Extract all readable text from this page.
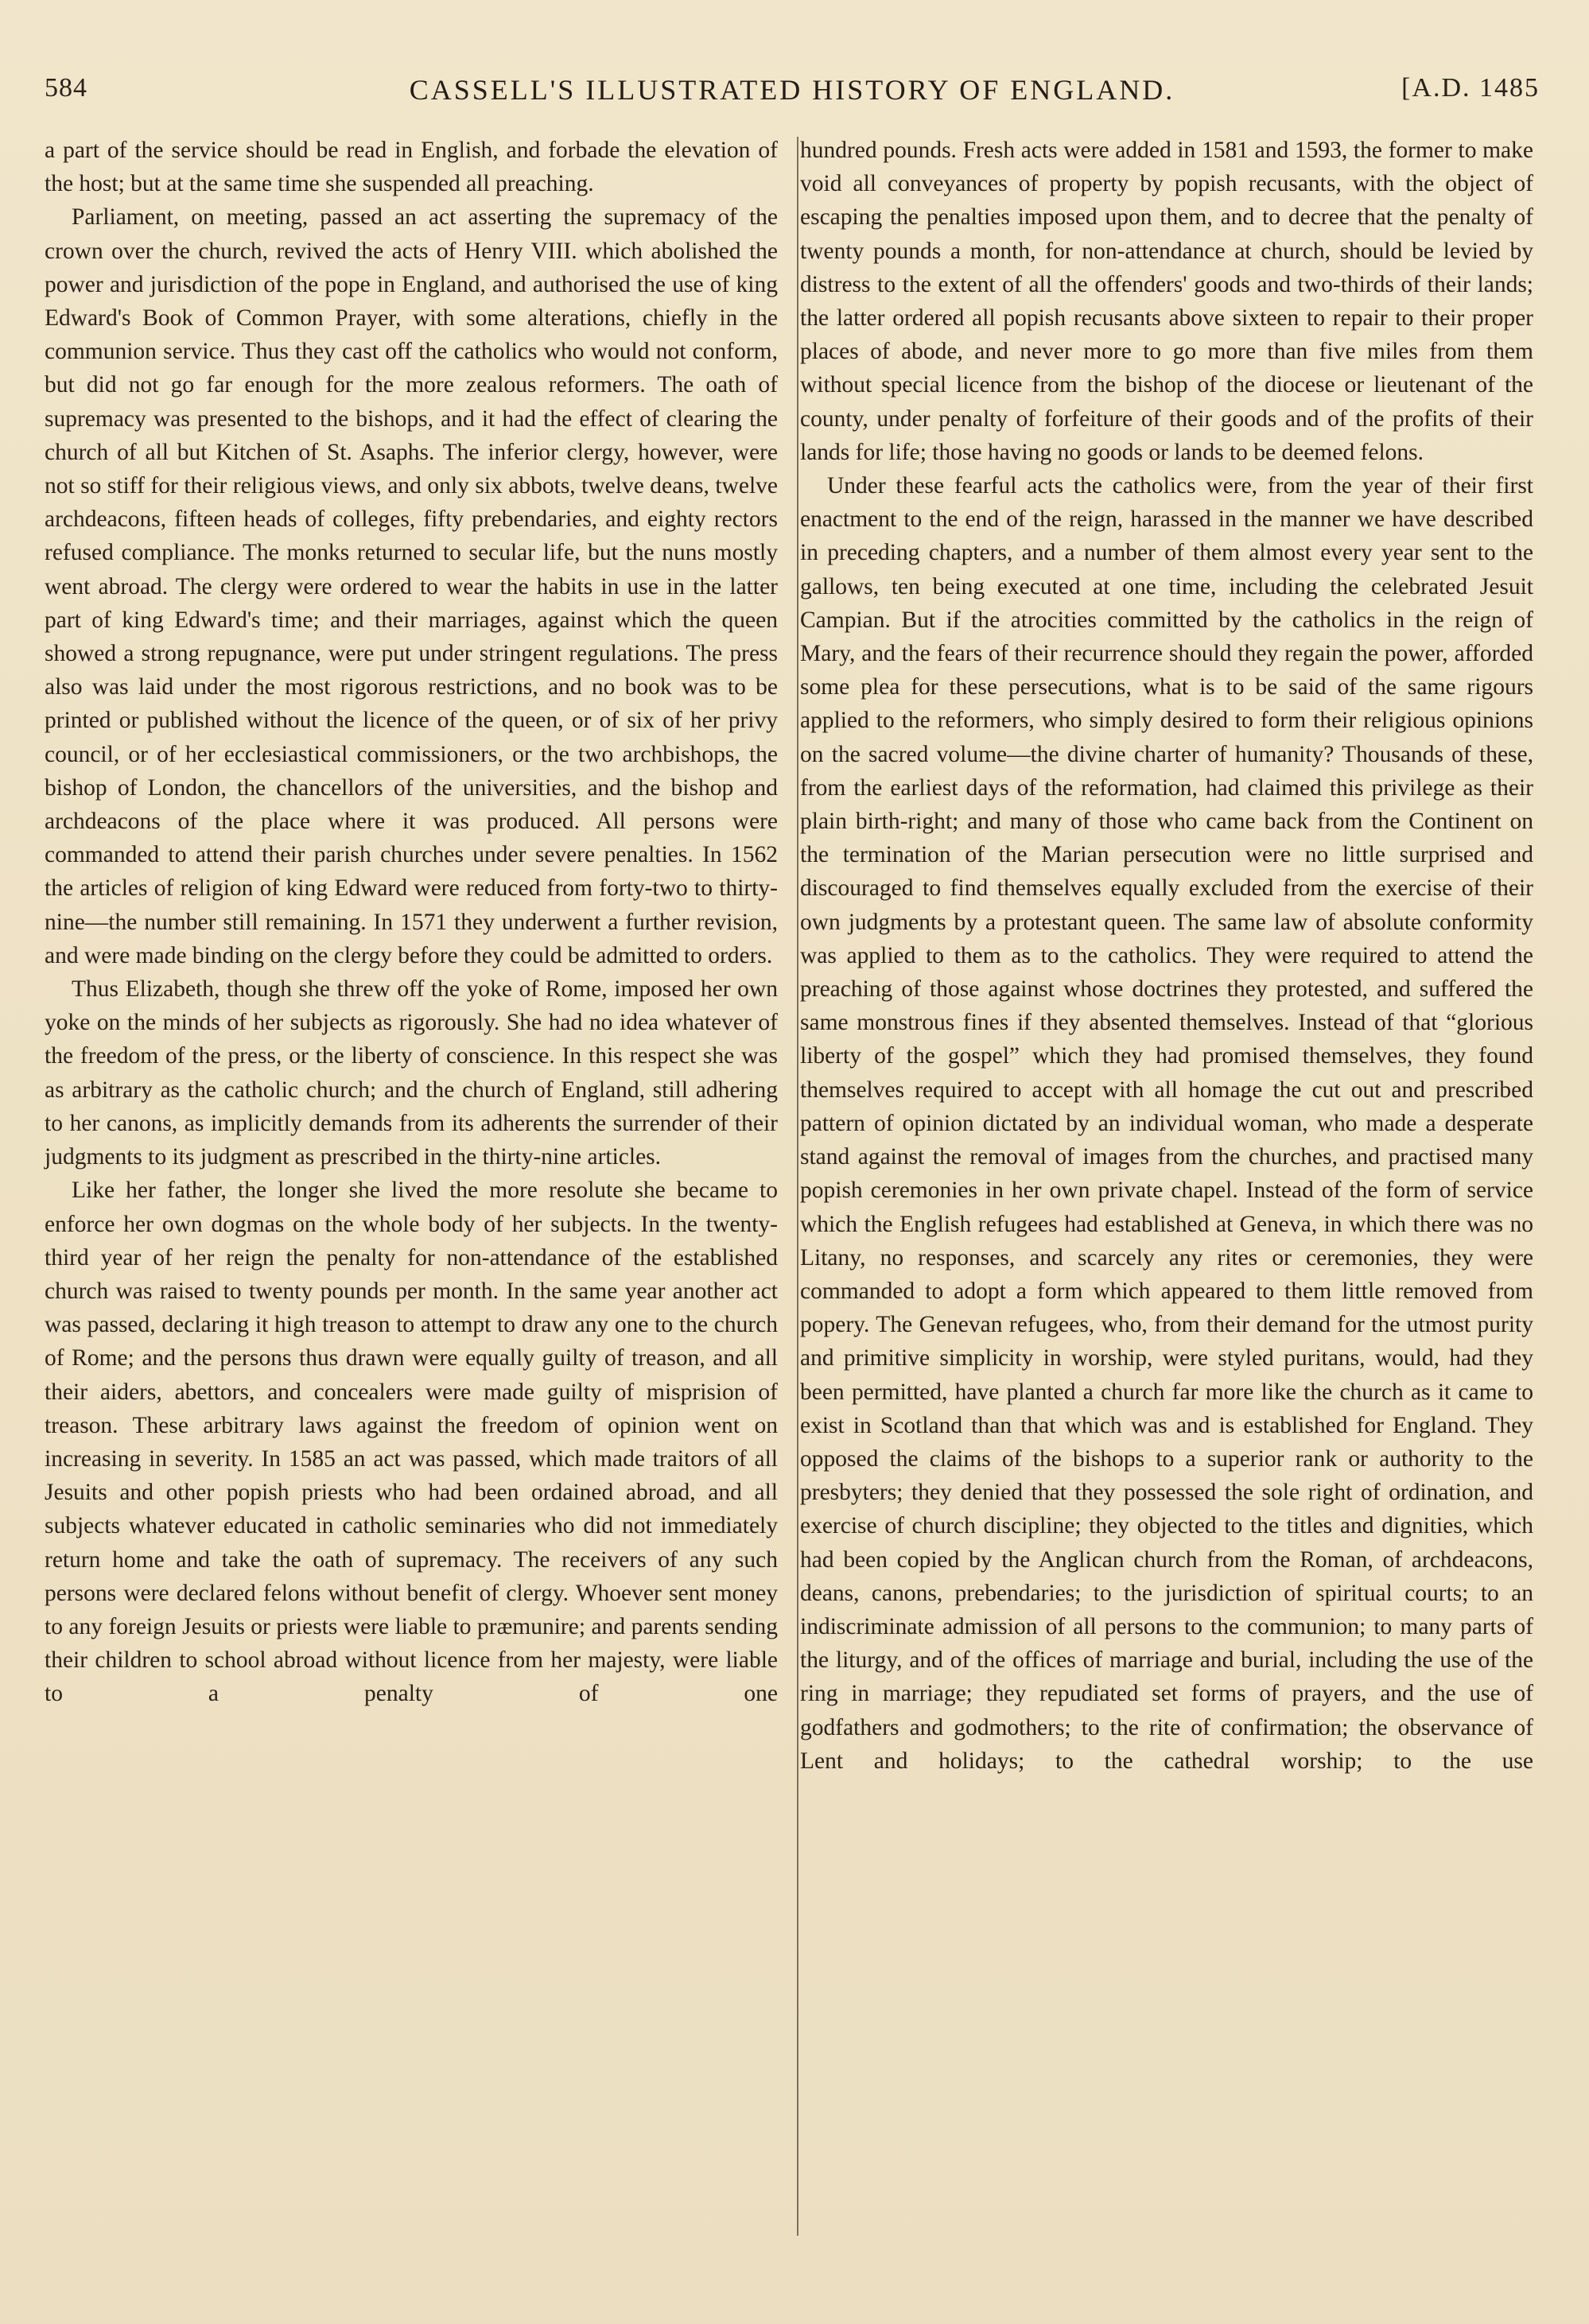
584	CASSELL'S ILLUSTRATED HISTORY OF ENGLAND.	[A.D. 1485

a part of the service should be read in English, and forbade the elevation of the host; but at the same time she suspended all preaching.

Parliament, on meeting, passed an act asserting the supremacy of the crown over the church, revived the acts of Henry VIII. which abolished the power and jurisdiction of the pope in England, and authorised the use of king Edward's Book of Common Prayer, with some alterations, chiefly in the communion service. Thus they cast off the catholics who would not conform, but did not go far enough for the more zealous reformers. The oath of supremacy was presented to the bishops, and it had the effect of clearing the church of all but Kitchen of St. Asaphs. The inferior clergy, however, were not so stiff for their religious views, and only six abbots, twelve deans, twelve archdeacons, fifteen heads of colleges, fifty prebendaries, and eighty rectors refused compliance. The monks returned to secular life, but the nuns mostly went abroad. The clergy were ordered to wear the habits in use in the latter part of king Edward's time; and their marriages, against which the queen showed a strong repugnance, were put under stringent regulations. The press also was laid under the most rigorous restrictions, and no book was to be printed or published without the licence of the queen, or of six of her privy council, or of her ecclesiastical commissioners, or the two archbishops, the bishop of London, the chancellors of the universities, and the bishop and archdeacons of the place where it was produced. All persons were commanded to attend their parish churches under severe penalties. In 1562 the articles of religion of king Edward were reduced from forty-two to thirty-nine—the number still remaining. In 1571 they underwent a further revision, and were made binding on the clergy before they could be admitted to orders.

Thus Elizabeth, though she threw off the yoke of Rome, imposed her own yoke on the minds of her subjects as rigorously. She had no idea whatever of the freedom of the press, or the liberty of conscience. In this respect she was as arbitrary as the catholic church; and the church of England, still adhering to her canons, as implicitly demands from its adherents the surrender of their judgments to its judgment as prescribed in the thirty-nine articles.

Like her father, the longer she lived the more resolute she became to enforce her own dogmas on the whole body of her subjects. In the twenty-third year of her reign the penalty for non-attendance of the established church was raised to twenty pounds per month. In the same year another act was passed, declaring it high treason to attempt to draw any one to the church of Rome; and the persons thus drawn were equally guilty of treason, and all their aiders, abettors, and concealers were made guilty of misprision of treason. These arbitrary laws against the freedom of opinion went on increasing in severity. In 1585 an act was passed, which made traitors of all Jesuits and other popish priests who had been ordained abroad, and all subjects whatever educated in catholic seminaries who did not immediately return home and take the oath of supremacy. The receivers of any such persons were declared felons without benefit of clergy. Whoever sent money to any foreign Jesuits or priests were liable to præmunire; and parents sending their children to school abroad without licence from her majesty, were liable to a penalty of one

hundred pounds. Fresh acts were added in 1581 and 1593, the former to make void all conveyances of property by popish recusants, with the object of escaping the penalties imposed upon them, and to decree that the penalty of twenty pounds a month, for non-attendance at church, should be levied by distress to the extent of all the offenders' goods and two-thirds of their lands; the latter ordered all popish recusants above sixteen to repair to their proper places of abode, and never more to go more than five miles from them without special licence from the bishop of the diocese or lieutenant of the county, under penalty of forfeiture of their goods and of the profits of their lands for life; those having no goods or lands to be deemed felons.

Under these fearful acts the catholics were, from the year of their first enactment to the end of the reign, harassed in the manner we have described in preceding chapters, and a number of them almost every year sent to the gallows, ten being executed at one time, including the celebrated Jesuit Campian. But if the atrocities committed by the catholics in the reign of Mary, and the fears of their recurrence should they regain the power, afforded some plea for these persecutions, what is to be said of the same rigours applied to the reformers, who simply desired to form their religious opinions on the sacred volume—the divine charter of humanity? Thousands of these, from the earliest days of the reformation, had claimed this privilege as their plain birth-right; and many of those who came back from the Continent on the termination of the Marian persecution were no little surprised and discouraged to find themselves equally excluded from the exercise of their own judgments by a protestant queen. The same law of absolute conformity was applied to them as to the catholics. They were required to attend the preaching of those against whose doctrines they protested, and suffered the same monstrous fines if they absented themselves. Instead of that “glorious liberty of the gospel” which they had promised themselves, they found themselves required to accept with all homage the cut out and prescribed pattern of opinion dictated by an individual woman, who made a desperate stand against the removal of images from the churches, and practised many popish ceremonies in her own private chapel. Instead of the form of service which the English refugees had established at Geneva, in which there was no Litany, no responses, and scarcely any rites or ceremonies, they were commanded to adopt a form which appeared to them little removed from popery. The Genevan refugees, who, from their demand for the utmost purity and primitive simplicity in worship, were styled puritans, would, had they been permitted, have planted a church far more like the church as it came to exist in Scotland than that which was and is established for England. They opposed the claims of the bishops to a superior rank or authority to the presbyters; they denied that they possessed the sole right of ordination, and exercise of church discipline; they objected to the titles and dignities, which had been copied by the Anglican church from the Roman, of archdeacons, deans, canons, prebendaries; to the jurisdiction of spiritual courts; to an indiscriminate admission of all persons to the communion; to many parts of the liturgy, and of the offices of marriage and burial, including the use of the ring in marriage; they repudiated set forms of prayers, and the use of godfathers and godmothers; to the rite of confirmation; the observance of Lent and holidays; to the cathedral worship; to the use
